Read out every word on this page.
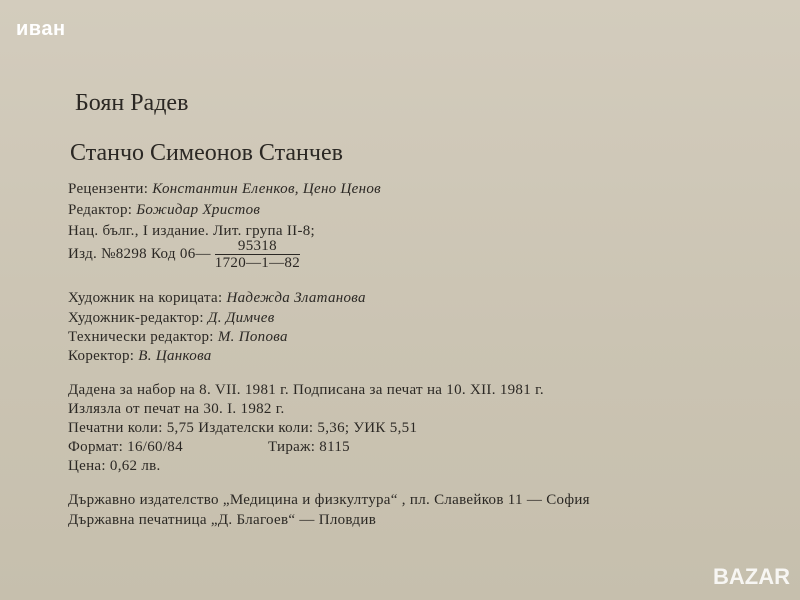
иван
Боян Радев
Станчо Симеонов Станчев
Рецензенти: Константин Еленков, Цено Ценов
Редактор: Божидар Христов
Нац. бълг., I издание. Лит. група II-8;
Изд. №8298 Код 06— $\frac{95318}{1720—1—82}$
Художник на корицата: Надежда Златанова
Художник-редактор: Д. Димчев
Технически редактор: М. Попова
Коректор: В. Цанкова
Дадена за набор на 8. VII. 1981 г. Подписана за печат на 10. XII. 1981 г.
Излязла от печат на 30. I. 1982 г.
Печатни коли: 5,75 Издателски коли: 5,36; УИК 5,51
Формат: 16/60/84                     Тираж: 8115
Цена: 0,62 лв.
Държавно издателство „Медицина и физкултура“ , пл. Славейков 11 — София
Държавна печатница „Д. Благоев“ — Пловдив
BAZAR
